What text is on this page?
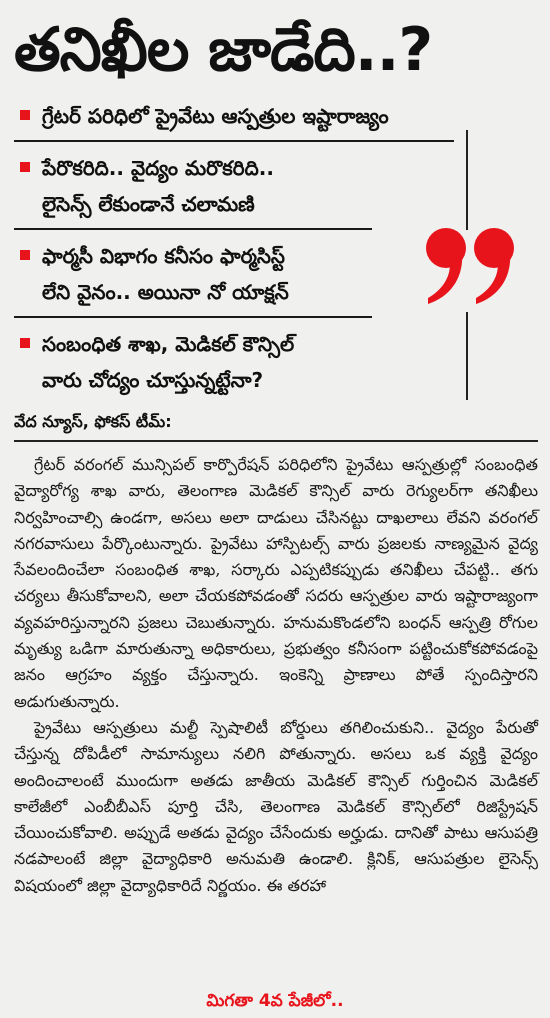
తనిఖీల జాడేది..?
గ్రేటర్ పరిధిలో ప్రైవేటు ఆస్పత్రుల ఇష్టారాజ్యం
పేరొకరిది.. వైద్యం మరొకరిది..
లైసెన్స్ లేకుండానే చలామణి
ఫార్మసీ విభాగం కనీసం ఫార్మసిస్ట్
లేని వైనం.. అయినా నో యాక్షన్
సంబంధిత శాఖ, మెడికల్ కౌన్సిల్
వారు చోద్యం చూస్తున్నట్టేనా?
వేద న్యూస్, ఫోకస్ టీమ్:

గ్రేటర్ వరంగల్ మున్సిపల్ కార్పొరేషన్ పరిధిలోని ప్రైవేటు ఆస్పత్రుల్లో సంబంధిత వైద్యారోగ్య శాఖ వారు, తెలంగాణ మెడికల్ కౌన్సిల్ వారు రెగ్యులర్‌గా తనిఖీలు నిర్వహించాల్సి ఉండగా, అసలు అలా దాడులు చేసినట్టు దాఖలాలు లేవని వరంగల్ నగరవాసులు పేర్కొంటున్నారు. ప్రైవేటు హాస్పిటల్స్ వారు ప్రజలకు నాణ్యమైన వైద్య సేవలందించేలా సంబంధిత శాఖ, సర్కారు ఎప్పటికప్పుడు తనిఖీలు చేపట్టి.. తగు చర్యలు తీసుకోవాలని, అలా చేయకపోవడంతో సదరు ఆస్పత్రుల వారు ఇష్టారాజ్యంగా వ్యవహరిస్తున్నారని ప్రజలు చెబుతున్నారు. హనుమకొండలోని బంధన్ ఆస్పత్రి రోగుల మృత్యు ఒడిగా మారుతున్నా అధికారులు, ప్రభుత్వం కనీసంగా పట్టించుకోకపోవడంపై జనం ఆగ్రహం వ్యక్తం చేస్తున్నారు. ఇంకెన్ని ప్రాణాలు పోతే స్పందిస్తారని అడుగుతున్నారు.

ప్రైవేటు ఆస్పత్రులు మల్టీ స్పెషాలిటీ బోర్డులు తగిలించుకుని.. వైద్యం పేరుతో చేస్తున్న దోపిడీలో సామాన్యులు నలిగి పోతున్నారు. అసలు ఒక వ్యక్తి వైద్యం అందించాలంటే ముందుగా అతడు జాతీయ మెడికల్ కౌన్సిల్ గుర్తించిన మెడికల్ కాలేజీలో ఎంబీబీఎస్ పూర్తి చేసి, తెలంగాణ మెడికల్ కౌన్సిల్‌లో రిజిస్ట్రేషన్ చేయించుకోవాలి. అప్పుడే అతడు వైద్యం చేసేందుకు అర్హుడు. దానితో పాటు ఆసుపత్రి నడపాలంటే జిల్లా వైద్యాధికారి అనుమతి ఉండాలి. క్లినిక్, ఆసుపత్రుల లైసెన్స్ విషయంలో జిల్లా వైద్యాధికారిదే నిర్ణయం. ఈ తరహా

మిగతా 4వ పేజీలో..
